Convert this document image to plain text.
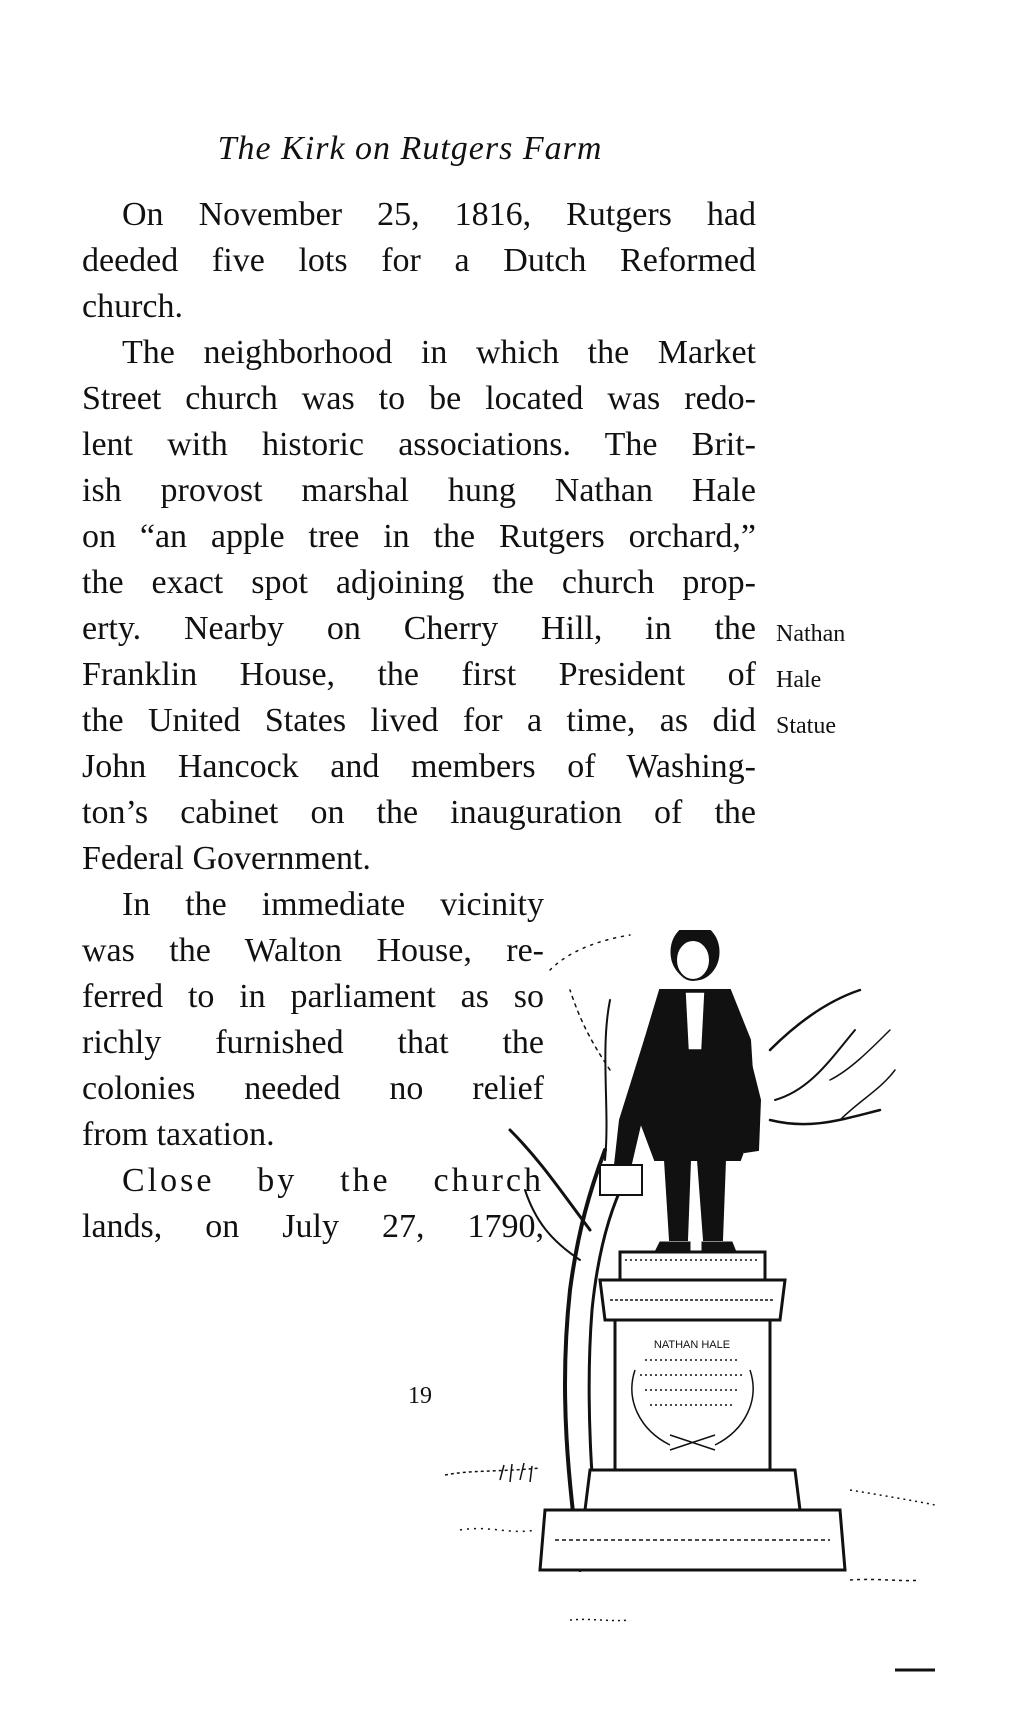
The Kirk on Rutgers Farm
On November 25, 1816, Rutgers had
deeded five lots for a Dutch Reformed
church.
The neighborhood in which the Market
Street church was to be located was redo-
lent with historic associations. The Brit-
ish provost marshal hung Nathan Hale
on “an apple tree in the Rutgers orchard,”
the exact spot adjoining the church prop-
erty. Nearby on Cherry Hill, in the
Franklin House, the first President of
the United States lived for a time, as did
John Hancock and members of Washing-
ton’s cabinet on the inauguration of the
Federal Government.
In the immediate vicinity
was the Walton House, re-
ferred to in parliament as so
richly furnished that the
colonies needed no relief
from taxation.
Close by the church
lands, on July 27, 1790,
Nathan
Hale
Statue
19
NATHAN HALE
